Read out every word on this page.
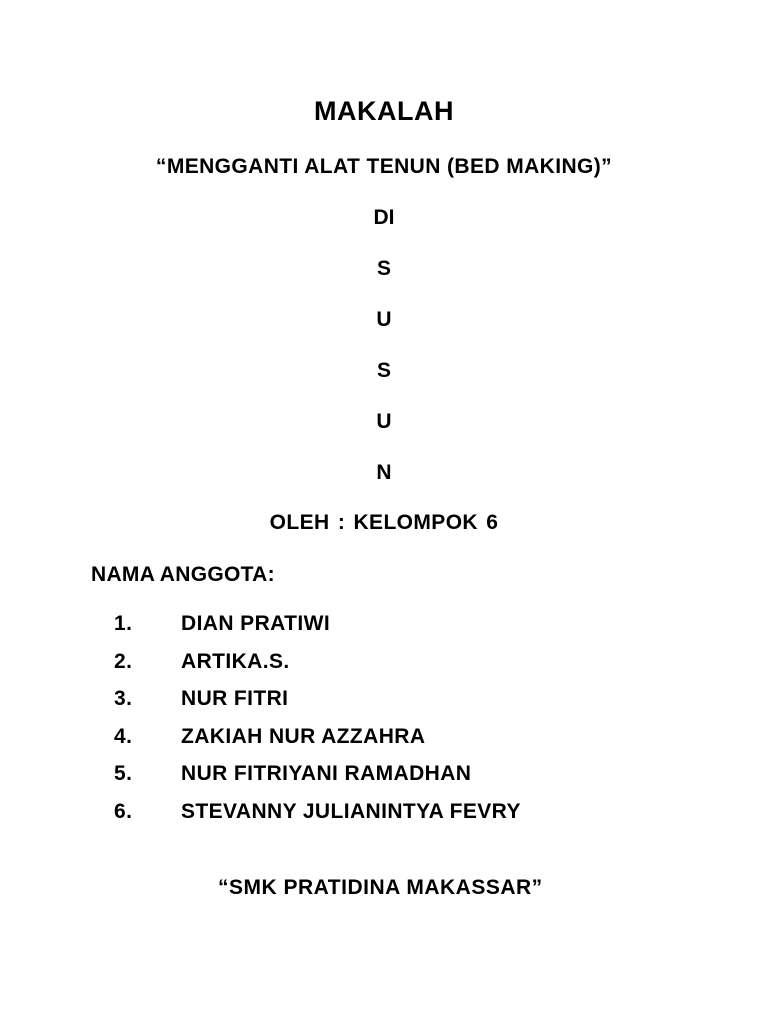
MAKALAH
“MENGGANTI ALAT TENUN (BED MAKING)”
DI
S
U
S
U
N
OLEH : KELOMPOK 6
NAMA ANGGOTA:
1. DIAN PRATIWI
2. ARTIKA.S.
3. NUR FITRI
4. ZAKIAH NUR AZZAHRA
5. NUR FITRIYANI RAMADHAN
6. STEVANNY JULIANINTYA FEVRY
“SMK PRATIDINA MAKASSAR”
